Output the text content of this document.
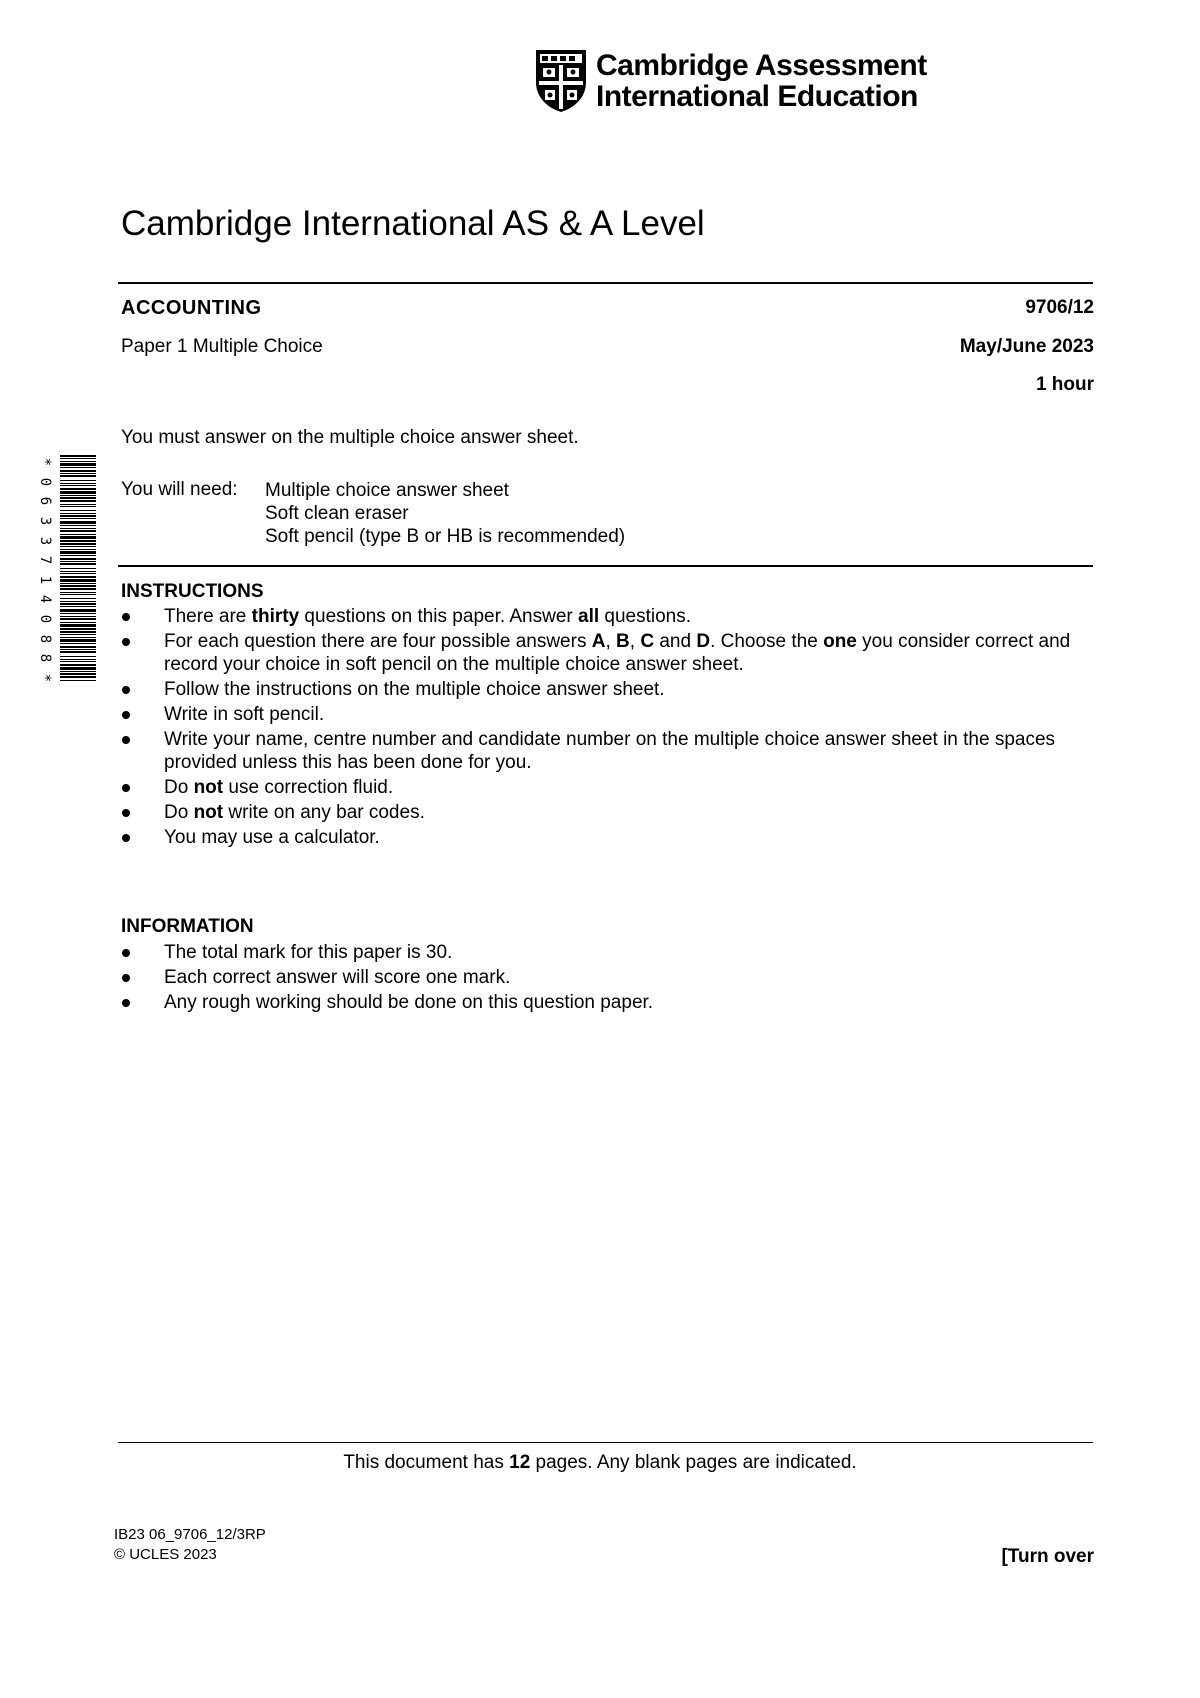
Cambridge Assessment
International Education
Cambridge International AS & A Level
ACCOUNTING	9706/12
Paper 1 Multiple Choice	May/June 2023
1 hour
You must answer on the multiple choice answer sheet.
You will need: Multiple choice answer sheet
Soft clean eraser
Soft pencil (type B or HB is recommended)
INSTRUCTIONS
There are thirty questions on this paper. Answer all questions.
For each question there are four possible answers A, B, C and D. Choose the one you consider correct and record your choice in soft pencil on the multiple choice answer sheet.
Follow the instructions on the multiple choice answer sheet.
Write in soft pencil.
Write your name, centre number and candidate number on the multiple choice answer sheet in the spaces provided unless this has been done for you.
Do not use correction fluid.
Do not write on any bar codes.
You may use a calculator.
INFORMATION
The total mark for this paper is 30.
Each correct answer will score one mark.
Any rough working should be done on this question paper.
This document has 12 pages. Any blank pages are indicated.
IB23 06_9706_12/3RP
© UCLES 2023	[Turn over
*
0
6
3
3
7
1
4
0
8
8
*
